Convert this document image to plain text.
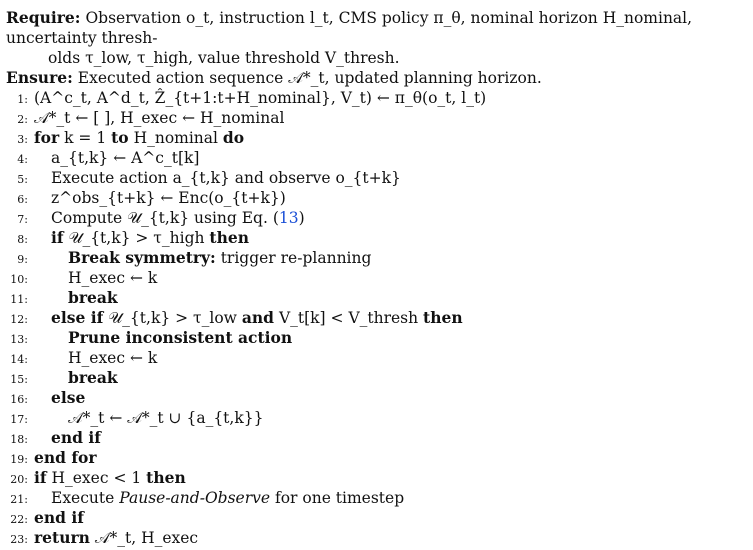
Require: Observation o_t, instruction l_t, CMS policy π_θ, nominal horizon H_nominal, uncertainty thresh-
olds τ_low, τ_high, value threshold V_thresh.
Ensure: Executed action sequence 𝒜*_t, updated planning horizon.
1: (A^c_t, A^d_t, Ẑ_{t+1:t+H_nominal}, V_t) ← π_θ(o_t, l_t)
2: 𝒜*_t ← [ ], H_exec ← H_nominal
3: for k = 1 to H_nominal do
4:	a_{t,k} ← A^c_t[k]
5:	Execute action a_{t,k} and observe o_{t+k}
6:	z^obs_{t+k} ← Enc(o_{t+k})
7:	Compute 𝒰_{t,k} using Eq. (13)
8:	if 𝒰_{t,k} > τ_high then
9:	Break symmetry: trigger re-planning
10:	H_exec ← k
11:	break
12:	else if 𝒰_{t,k} > τ_low and V_t[k] < V_thresh then
13:	Prune inconsistent action
14:	H_exec ← k
15:	break
16:	else
17:	𝒜*_t ← 𝒜*_t ∪ {a_{t,k}}
18:	end if
19: end for
20: if H_exec < 1 then
21:	Execute Pause-and-Observe for one timestep
22: end if
23: return 𝒜*_t, H_exec
